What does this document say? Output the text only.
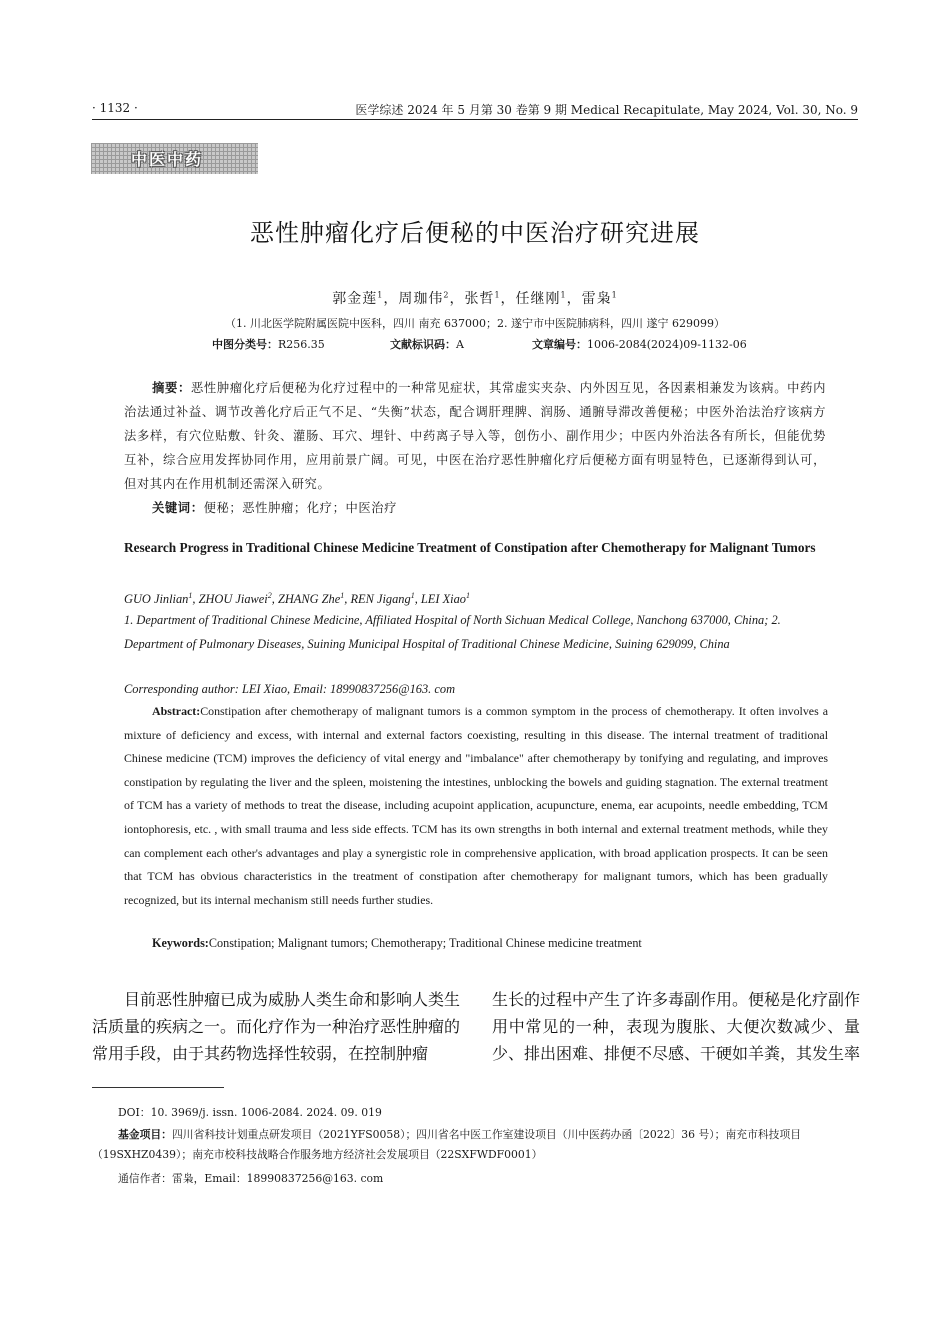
· 1132 ·	医学综述 2024 年 5 月第 30 卷第 9 期 Medical Recapitulate, May 2024, Vol. 30, No. 9
中医中药
恶性肿瘤化疗后便秘的中医治疗研究进展
郭金莲$^1$，周珈伟$^2$，张哲$^1$，任继刚$^1$，雷枭$^1$
（1. 川北医学院附属医院中医科，四川 南充 637000；2. 遂宁市中医院肺病科，四川 遂宁 629099）
中图分类号：R256.35	文献标识码：A	文章编号：1006-2084(2024)09-1132-06
摘要：恶性肿瘤化疗后便秘为化疗过程中的一种常见症状，其常虚实夹杂、内外因互见，各因素相兼发为该病。中药内治法通过补益、调节改善化疗后正气不足、“失衡”状态，配合调肝理脾、润肠、通腑导滞改善便秘；中医外治法治疗该病方法多样，有穴位贴敷、针灸、灌肠、耳穴、埋针、中药离子导入等，创伤小、副作用少；中医内外治法各有所长，但能优势互补，综合应用发挥协同作用，应用前景广阔。可见，中医在治疗恶性肿瘤化疗后便秘方面有明显特色，已逐渐得到认可，但对其内在作用机制还需深入研究。
关键词：便秘；恶性肿瘤；化疗；中医治疗
Research Progress in Traditional Chinese Medicine Treatment of Constipation after Chemotherapy for Malignant Tumors
GUO Jinlian$^1$, ZHOU Jiawei$^2$, ZHANG Zhe$^1$, REN Jigang$^1$, LEI Xiao$^1$
1. Department of Traditional Chinese Medicine, Affiliated Hospital of North Sichuan Medical College, Nanchong 637000, China; 2. Department of Pulmonary Diseases, Suining Municipal Hospital of Traditional Chinese Medicine, Suining 629099, China
Corresponding author: LEI Xiao, Email: 18990837256@163. com
Abstract:Constipation after chemotherapy of malignant tumors is a common symptom in the process of chemotherapy. It often involves a mixture of deficiency and excess, with internal and external factors coexisting, resulting in this disease. The internal treatment of traditional Chinese medicine (TCM) improves the deficiency of vital energy and "imbalance" after chemotherapy by tonifying and regulating, and improves constipation by regulating the liver and the spleen, moistening the intestines, unblocking the bowels and guiding stagnation. The external treatment of TCM has a variety of methods to treat the disease, including acupoint application, acupuncture, enema, ear acupoints, needle embedding, TCM iontophoresis, etc. , with small trauma and less side effects. TCM has its own strengths in both internal and external treatment methods, while they can complement each other's advantages and play a synergistic role in comprehensive application, with broad application prospects. It can be seen that TCM has obvious characteristics in the treatment of constipation after chemotherapy for malignant tumors, which has been gradually recognized, but its internal mechanism still needs further studies.
Keywords:Constipation; Malignant tumors; Chemotherapy; Traditional Chinese medicine treatment
目前恶性肿瘤已成为威胁人类生命和影响人类生活质量的疾病之一。而化疗作为一种治疗恶性肿瘤的常用手段，由于其药物选择性较弱，在控制肿瘤
生长的过程中产生了许多毒副作用。便秘是化疗副作用中常见的一种，表现为腹胀、大便次数减少、量少、排出困难、排便不尽感、干硬如羊粪，其发生率
DOI：10. 3969/j. issn. 1006-2084. 2024. 09. 019
基金项目：四川省科技计划重点研发项目（2021YFS0058）；四川省名中医工作室建设项目（川中医药办函〔2022〕36 号）；南充市科技项目（19SXHZ0439）；南充市校科技战略合作服务地方经济社会发展项目（22SXFWDF0001）
通信作者：雷枭，Email：18990837256@163. com
